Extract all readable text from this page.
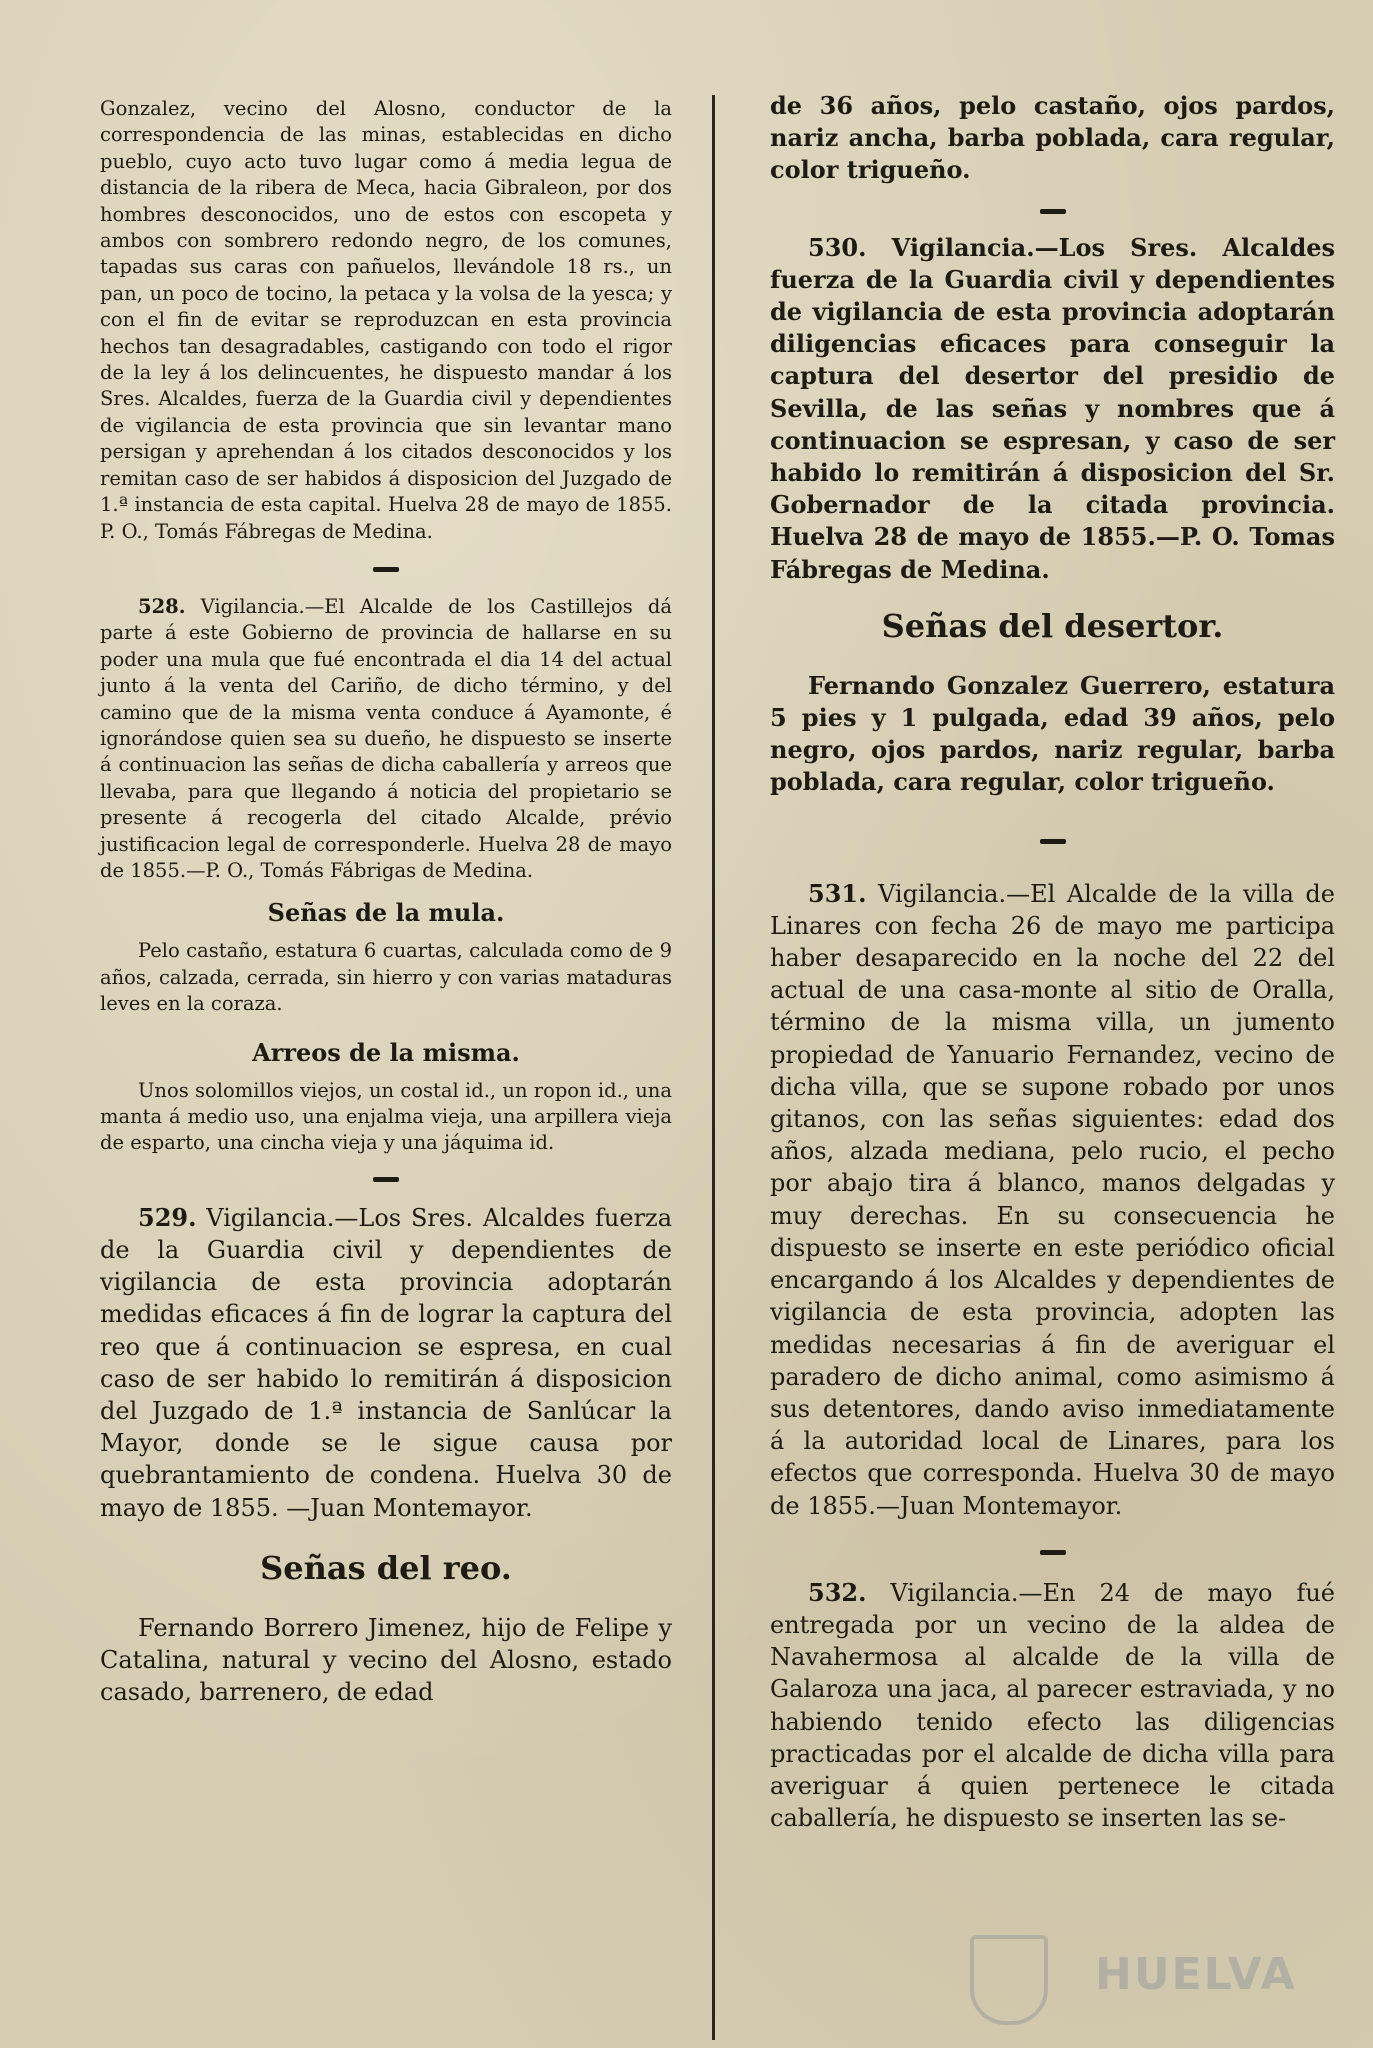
Gonzalez, vecino del Alosno, conductor de la correspondencia de las minas, establecidas en dicho pueblo, cuyo acto tuvo lugar como á media legua de distancia de la ribera de Meca, hacia Gibraleon, por dos hombres desconocidos, uno de estos con escopeta y ambos con sombrero redondo negro, de los comunes, tapadas sus caras con pañuelos, llevándole 18 rs., un pan, un poco de tocino, la petaca y la volsa de la yesca; y con el fin de evitar se reproduzcan en esta provincia hechos tan desagradables, castigando con todo el rigor de la ley á los delincuentes, he dispuesto mandar á los Sres. Alcaldes, fuerza de la Guardia civil y dependientes de vigilancia de esta provincia que sin levantar mano persigan y aprehendan á los citados desconocidos y los remitan caso de ser habidos á disposicion del Juzgado de 1.ª instancia de esta capital. Huelva 28 de mayo de 1855. P. O., Tomás Fábregas de Medina.

528. Vigilancia.—El Alcalde de los Castillejos dá parte á este Gobierno de provincia de hallarse en su poder una mula que fué encontrada el dia 14 del actual junto á la venta del Cariño, de dicho término, y del camino que de la misma venta conduce á Ayamonte, é ignorándose quien sea su dueño, he dispuesto se inserte á continuacion las señas de dicha caballería y arreos que llevaba, para que llegando á noticia del propietario se presente á recogerla del citado Alcalde, prévio justificacion legal de corresponderle. Huelva 28 de mayo de 1855.—P. O., Tomás Fábrigas de Medina.

Señas de la mula.

Pelo castaño, estatura 6 cuartas, calculada como de 9 años, calzada, cerrada, sin hierro y con varias mataduras leves en la coraza.

Arreos de la misma.

Unos solomillos viejos, un costal id., un ropon id., una manta á medio uso, una enjalma vieja, una arpillera vieja de esparto, una cincha vieja y una jáquima id.

529. Vigilancia.—Los Sres. Alcaldes fuerza de la Guardia civil y dependientes de vigilancia de esta provincia adoptarán medidas eficaces á fin de lograr la captura del reo que á continuacion se espresa, en cual caso de ser habido lo remitirán á disposicion del Juzgado de 1.ª instancia de Sanlúcar la Mayor, donde se le sigue causa por quebrantamiento de condena. Huelva 30 de mayo de 1855. —Juan Montemayor.

Señas del reo.

Fernando Borrero Jimenez, hijo de Felipe y Catalina, natural y vecino del Alosno, estado casado, barrenero, de edad

de 36 años, pelo castaño, ojos pardos, nariz ancha, barba poblada, cara regular, color trigueño.

530. Vigilancia.—Los Sres. Alcaldes fuerza de la Guardia civil y dependientes de vigilancia de esta provincia adoptarán diligencias eficaces para conseguir la captura del desertor del presidio de Sevilla, de las señas y nombres que á continuacion se espresan, y caso de ser habido lo remitirán á disposicion del Sr. Gobernador de la citada provincia. Huelva 28 de mayo de 1855.—P. O. Tomas Fábregas de Medina.

Señas del desertor.

Fernando Gonzalez Guerrero, estatura 5 pies y 1 pulgada, edad 39 años, pelo negro, ojos pardos, nariz regular, barba poblada, cara regular, color trigueño.

531. Vigilancia.—El Alcalde de la villa de Linares con fecha 26 de mayo me participa haber desaparecido en la noche del 22 del actual de una casa-monte al sitio de Oralla, término de la misma villa, un jumento propiedad de Yanuario Fernandez, vecino de dicha villa, que se supone robado por unos gitanos, con las señas siguientes: edad dos años, alzada mediana, pelo rucio, el pecho por abajo tira á blanco, manos delgadas y muy derechas. En su consecuencia he dispuesto se inserte en este periódico oficial encargando á los Alcaldes y dependientes de vigilancia de esta provincia, adopten las medidas necesarias á fin de averiguar el paradero de dicho animal, como asimismo á sus detentores, dando aviso inmediatamente á la autoridad local de Linares, para los efectos que corresponda. Huelva 30 de mayo de 1855.—Juan Montemayor.

532. Vigilancia.—En 24 de mayo fué entregada por un vecino de la aldea de Navahermosa al alcalde de la villa de Galaroza una jaca, al parecer estraviada, y no habiendo tenido efecto las diligencias practicadas por el alcalde de dicha villa para averiguar á quien pertenece le citada caballería, he dispuesto se inserten las se-

HUELVA
